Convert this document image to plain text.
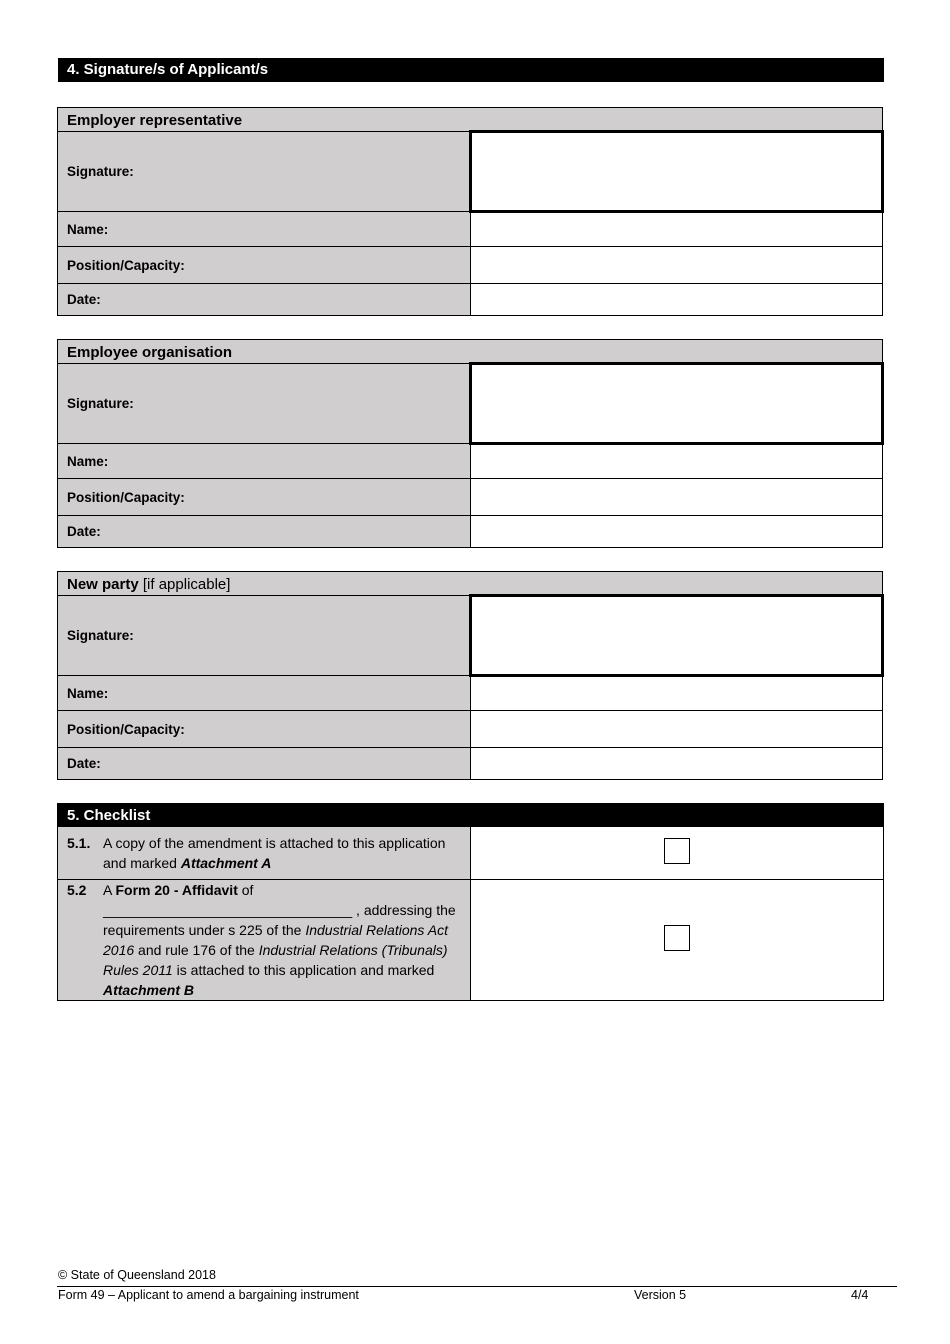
4. Signature/s of Applicant/s
Employer representative	
Signature:	
Name:	
Position/Capacity:	
Date:	
Employee organisation	
Signature:	
Name:	
Position/Capacity:	
Date:	
New party [if applicable]	
Signature:	
Name:	
Position/Capacity:	
Date:	
5. Checklist	

5.1. A copy of the amendment is attached to this application and marked Attachment A	

5.2 A Form 20 - Affidavit of ________________________________ , addressing the requirements under s 225 of the Industrial Relations Act 2016 and rule 176 of the Industrial Relations (Tribunals) Rules 2011 is attached to this application and marked Attachment B	

© State of Queensland 2018
Form 49 – Applicant to amend a bargaining instrument	Version 5	4/4
